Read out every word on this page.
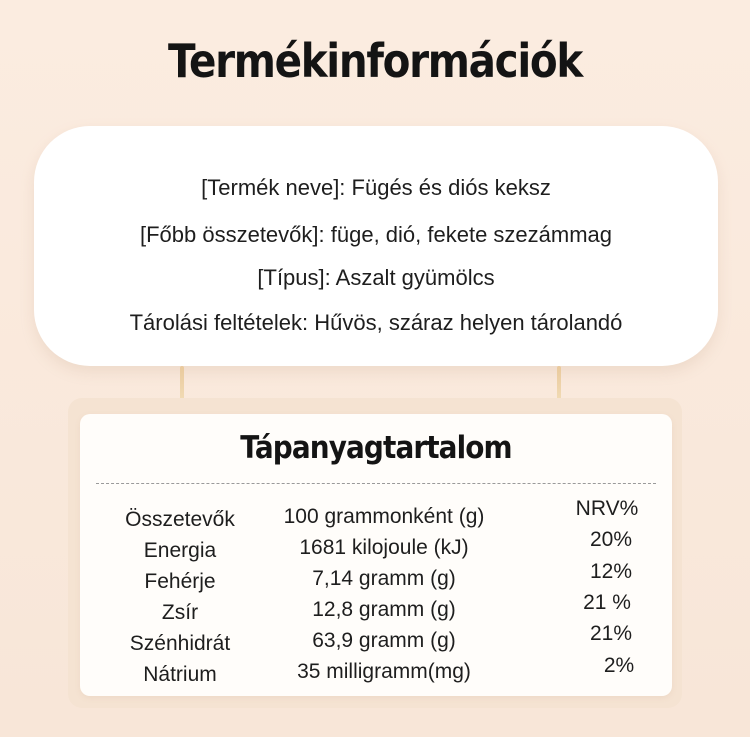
Termékinformációk
[Termék neve]: Fügés és diós keksz
[Főbb összetevők]: füge, dió, fekete szezámmag
[Típus]: Aszalt gyümölcs
Tárolási feltételek: Hűvös, száraz helyen tárolandó
Tápanyagtartalom
Összetevők	100 grammonként (g)	NRV%
Energia	1681 kilojoule (kJ)	20%
Fehérje	7,14 gramm (g)	12%
Zsír	12,8 gramm (g)	21 %
Szénhidrát	63,9 gramm (g)	21%
Nátrium	35 milligramm(mg)	2%
